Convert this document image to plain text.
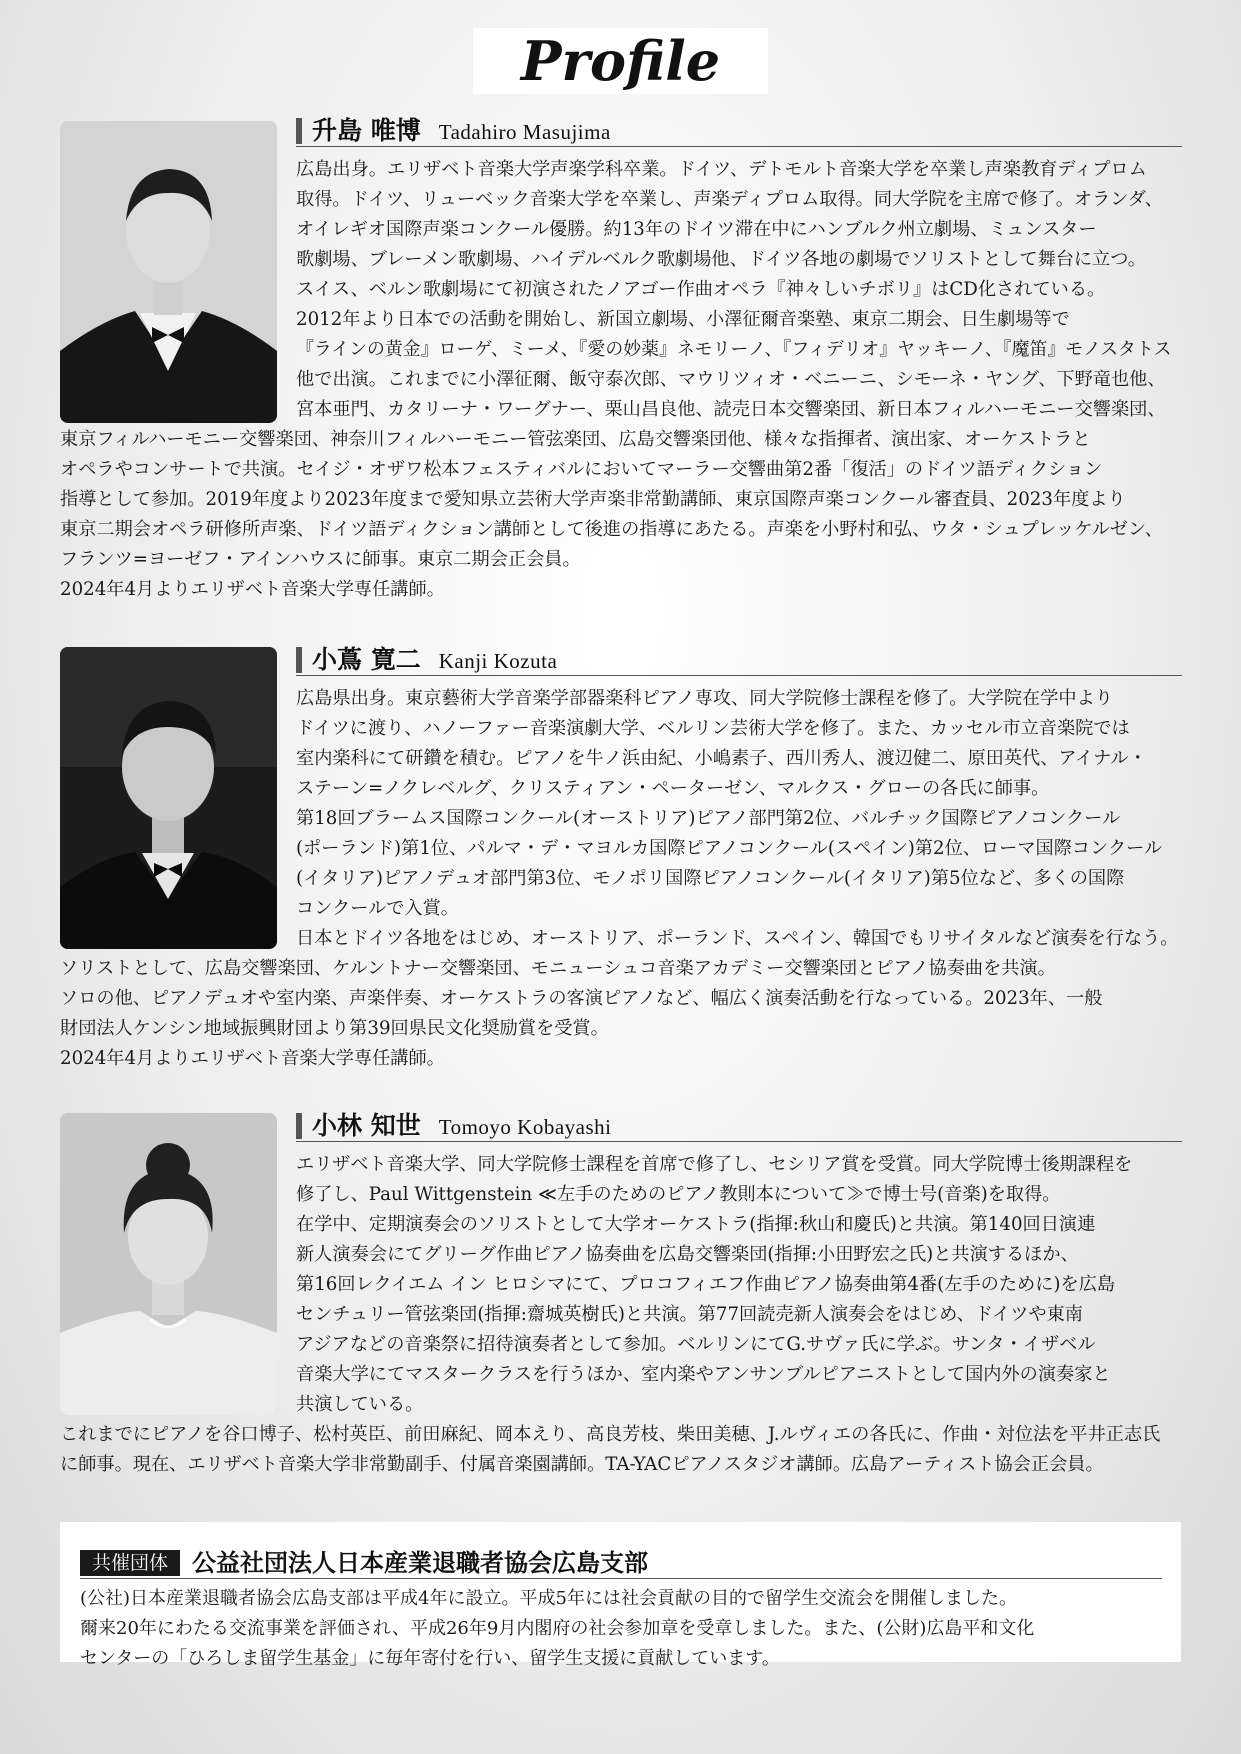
Profile
升島 唯博 Tadahiro Masujima
広島出身。エリザベト音楽大学声楽学科卒業。ドイツ、デトモルト音楽大学を卒業し声楽教育ディプロム
取得。ドイツ、リューベック音楽大学を卒業し、声楽ディプロム取得。同大学院を主席で修了。オランダ、
オイレギオ国際声楽コンクール優勝。約13年のドイツ滞在中にハンブルク州立劇場、ミュンスター
歌劇場、ブレーメン歌劇場、ハイデルベルク歌劇場他、ドイツ各地の劇場でソリストとして舞台に立つ。
スイス、ベルン歌劇場にて初演されたノアゴー作曲オペラ『神々しいチボリ』はCD化されている。
2012年より日本での活動を開始し、新国立劇場、小澤征爾音楽塾、東京二期会、日生劇場等で
『ラインの黄金』ローゲ、ミーメ、『愛の妙薬』ネモリーノ、『フィデリオ』ヤッキーノ、『魔笛』モノスタトス
他で出演。これまでに小澤征爾、飯守泰次郎、マウリツィオ・ベニーニ、シモーネ・ヤング、下野竜也他、
宮本亜門、カタリーナ・ワーグナー、栗山昌良他、読売日本交響楽団、新日本フィルハーモニー交響楽団、
東京フィルハーモニー交響楽団、神奈川フィルハーモニー管弦楽団、広島交響楽団他、様々な指揮者、演出家、オーケストラと
オペラやコンサートで共演。セイジ・オザワ松本フェスティバルにおいてマーラー交響曲第2番「復活」のドイツ語ディクション
指導として参加。2019年度より2023年度まで愛知県立芸術大学声楽非常勤講師、東京国際声楽コンクール審査員、2023年度より
東京二期会オペラ研修所声楽、ドイツ語ディクション講師として後進の指導にあたる。声楽を小野村和弘、ウタ・シュプレッケルゼン、
フランツ=ヨーゼフ・アインハウスに師事。東京二期会正会員。
2024年4月よりエリザベト音楽大学専任講師。
小蔦 寛二 Kanji Kozuta
広島県出身。東京藝術大学音楽学部器楽科ピアノ専攻、同大学院修士課程を修了。大学院在学中より
ドイツに渡り、ハノーファー音楽演劇大学、ベルリン芸術大学を修了。また、カッセル市立音楽院では
室内楽科にて研鑽を積む。ピアノを牛ノ浜由紀、小嶋素子、西川秀人、渡辺健二、原田英代、アイナル・
ステーン=ノクレベルグ、クリスティアン・ペーターゼン、マルクス・グローの各氏に師事。
第18回ブラームス国際コンクール(オーストリア)ピアノ部門第2位、バルチック国際ピアノコンクール
(ポーランド)第1位、パルマ・デ・マヨルカ国際ピアノコンクール(スペイン)第2位、ローマ国際コンクール
(イタリア)ピアノデュオ部門第3位、モノポリ国際ピアノコンクール(イタリア)第5位など、多くの国際
コンクールで入賞。
日本とドイツ各地をはじめ、オーストリア、ポーランド、スペイン、韓国でもリサイタルなど演奏を行なう。
ソリストとして、広島交響楽団、ケルントナー交響楽団、モニューシュコ音楽アカデミー交響楽団とピアノ協奏曲を共演。
ソロの他、ピアノデュオや室内楽、声楽伴奏、オーケストラの客演ピアノなど、幅広く演奏活動を行なっている。2023年、一般
財団法人ケンシン地域振興財団より第39回県民文化奨励賞を受賞。
2024年4月よりエリザベト音楽大学専任講師。
小林 知世 Tomoyo Kobayashi
エリザベト音楽大学、同大学院修士課程を首席で修了し、セシリア賞を受賞。同大学院博士後期課程を
修了し、Paul Wittgenstein ≪左手のためのピアノ教則本について≫で博士号(音楽)を取得。
在学中、定期演奏会のソリストとして大学オーケストラ(指揮:秋山和慶氏)と共演。第140回日演連
新人演奏会にてグリーグ作曲ピアノ協奏曲を広島交響楽団(指揮:小田野宏之氏)と共演するほか、
第16回レクイエム イン ヒロシマにて、プロコフィエフ作曲ピアノ協奏曲第4番(左手のために)を広島
センチュリー管弦楽団(指揮:齋城英樹氏)と共演。第77回読売新人演奏会をはじめ、ドイツや東南
アジアなどの音楽祭に招待演奏者として参加。ベルリンにてG.サヴァ氏に学ぶ。サンタ・イザベル
音楽大学にてマスタークラスを行うほか、室内楽やアンサンブルピアニストとして国内外の演奏家と
共演している。
これまでにピアノを谷口博子、松村英臣、前田麻紀、岡本えり、高良芳枝、柴田美穂、J.ルヴィエの各氏に、作曲・対位法を平井正志氏
に師事。現在、エリザベト音楽大学非常勤副手、付属音楽園講師。TA-YACピアノスタジオ講師。広島アーティスト協会正会員。
共催団体	公益社団法人日本産業退職者協会広島支部
(公社)日本産業退職者協会広島支部は平成4年に設立。平成5年には社会貢献の目的で留学生交流会を開催しました。
爾来20年にわたる交流事業を評価され、平成26年9月内閣府の社会参加章を受章しました。また、(公財)広島平和文化
センターの「ひろしま留学生基金」に毎年寄付を行い、留学生支援に貢献しています。
